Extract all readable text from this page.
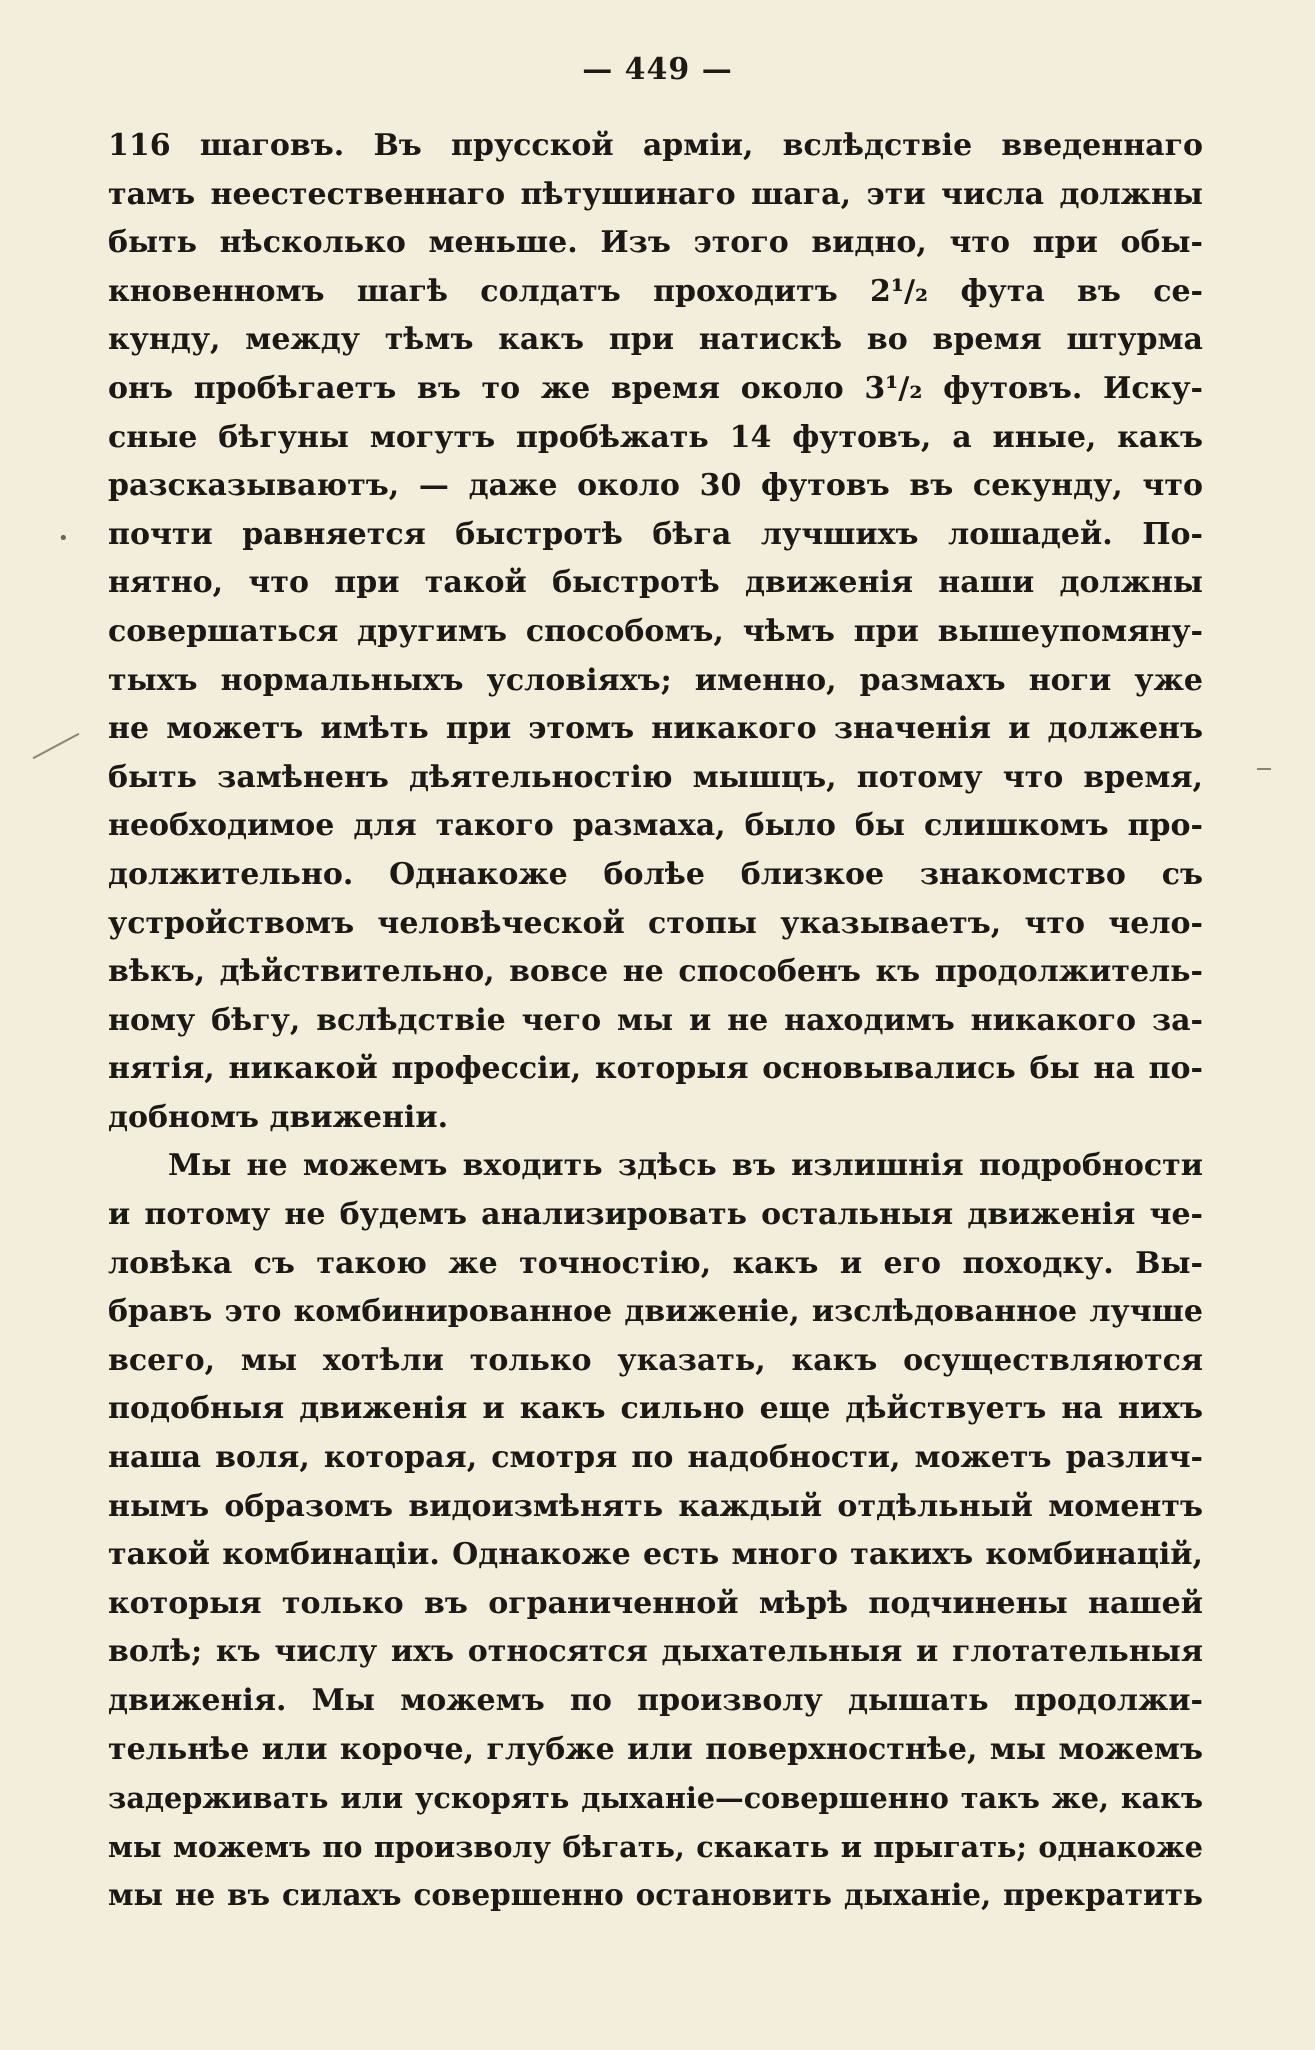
— 449 —
•
116 шаговъ. Въ прусской арміи, вслѣдствіе введеннаго
тамъ неестественнаго пѣтушинаго шага, эти числа должны
быть нѣсколько меньше. Изъ этого видно, что при обы-
кновенномъ шагѣ солдатъ проходитъ 2¹/₂ фута въ се-
кунду, между тѣмъ какъ при натискѣ во время штурма
онъ пробѣгаетъ въ то же время около 3¹/₂ футовъ. Иску-
сные бѣгуны могутъ пробѣжать 14 футовъ, а иные, какъ
разсказываютъ, — даже около 30 футовъ въ секунду, что
почти равняется быстротѣ бѣга лучшихъ лошадей. По-
нятно, что при такой быстротѣ движенія наши должны
совершаться другимъ способомъ, чѣмъ при вышеупомяну-
тыхъ нормальныхъ условіяхъ; именно, размахъ ноги уже
не можетъ имѣть при этомъ никакого значенія и долженъ
быть замѣненъ дѣятельностію мышцъ, потому что время,
необходимое для такого размаха, было бы слишкомъ про-
должительно. Однакоже болѣе близкое знакомство съ
устройствомъ человѣческой стопы указываетъ, что чело-
вѣкъ, дѣйствительно, вовсе не способенъ къ продолжитель-
ному бѣгу, вслѣдствіе чего мы и не находимъ никакого за-
нятія, никакой профессіи, которыя основывались бы на по-
добномъ движеніи.
Мы не можемъ входить здѣсь въ излишнія подробности
и потому не будемъ анализировать остальныя движенія че-
ловѣка съ такою же точностію, какъ и его походку. Вы-
бравъ это комбинированное движеніе, изслѣдованное лучше
всего, мы хотѣли только указать, какъ осуществляются
подобныя движенія и какъ сильно еще дѣйствуетъ на нихъ
наша воля, которая, смотря по надобности, можетъ различ-
нымъ образомъ видоизмѣнять каждый отдѣльный моментъ
такой комбинаціи. Однакоже есть много такихъ комбинацій,
которыя только въ ограниченной мѣрѣ подчинены нашей
волѣ; къ числу ихъ относятся дыхательныя и глотательныя
движенія. Мы можемъ по произволу дышать продолжи-
тельнѣе или короче, глубже или поверхностнѣе, мы можемъ
задерживать или ускорять дыханіе—совершенно такъ же, какъ
мы можемъ по произволу бѣгать, скакать и прыгать; однакоже
мы не въ силахъ совершенно остановить дыханіе, прекратить
